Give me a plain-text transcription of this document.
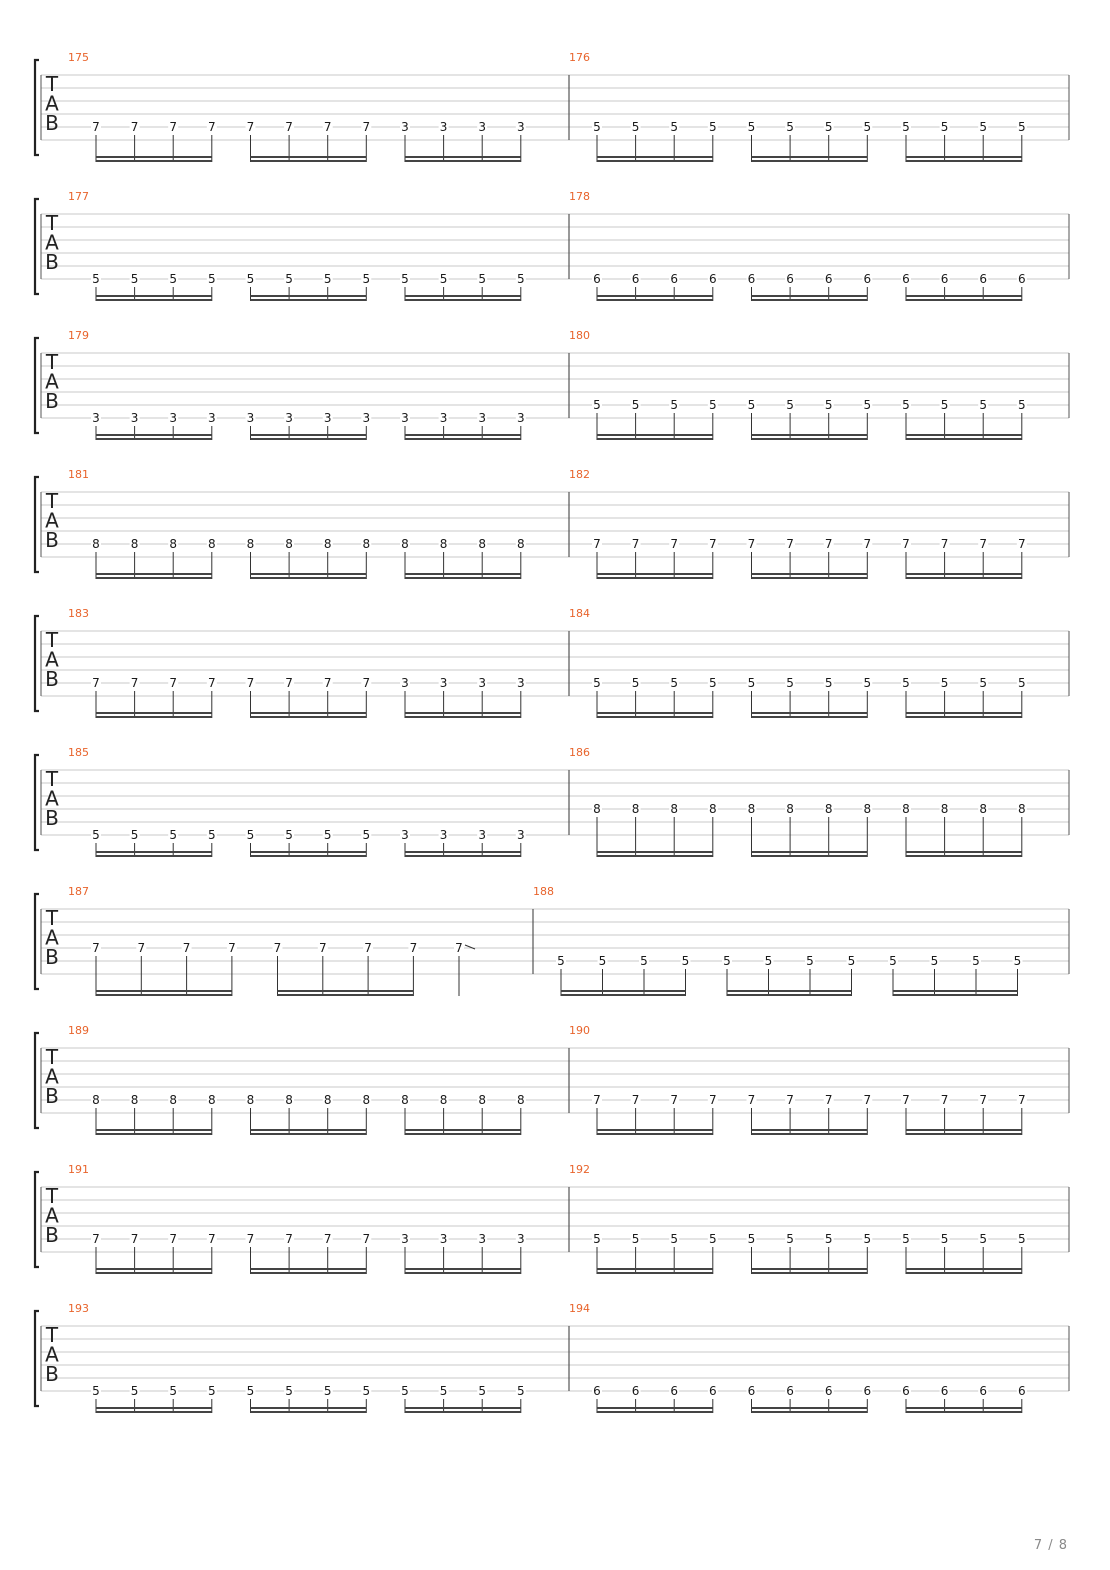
T
A
B
175
7	7	7	7	7	7	7	7	3	3	3	3
176
5	5	5	5	5	5	5	5	5	5	5	5
T
A
B
177
5	5	5	5	5	5	5	5	5	5	5	5
178
6	6	6	6	6	6	6	6	6	6	6	6
T
A
B
179
3	3	3	3	3	3	3	3	3	3	3	3
180
5	5	5	5	5	5	5	5	5	5	5	5
T
A
B
181
8	8	8	8	8	8	8	8	8	8	8	8
182
7	7	7	7	7	7	7	7	7	7	7	7
T
A
B
183
7	7	7	7	7	7	7	7	3	3	3	3
184
5	5	5	5	5	5	5	5	5	5	5	5
T
A
B
185
5	5	5	5	5	5	5	5	3	3	3	3
186
8	8	8	8	8	8	8	8	8	8	8	8
T
A
B
187
7	7	7	7	7	7	7	7	7
188
5	5	5	5	5	5	5	5	5	5	5	5
T
A
B
189
8	8	8	8	8	8	8	8	8	8	8	8
190
7	7	7	7	7	7	7	7	7	7	7	7
T
A
B
191
7	7	7	7	7	7	7	7	3	3	3	3
192
5	5	5	5	5	5	5	5	5	5	5	5
T
A
B
193
5	5	5	5	5	5	5	5	5	5	5	5
194
6	6	6	6	6	6	6	6	6	6	6	6
7 / 8
